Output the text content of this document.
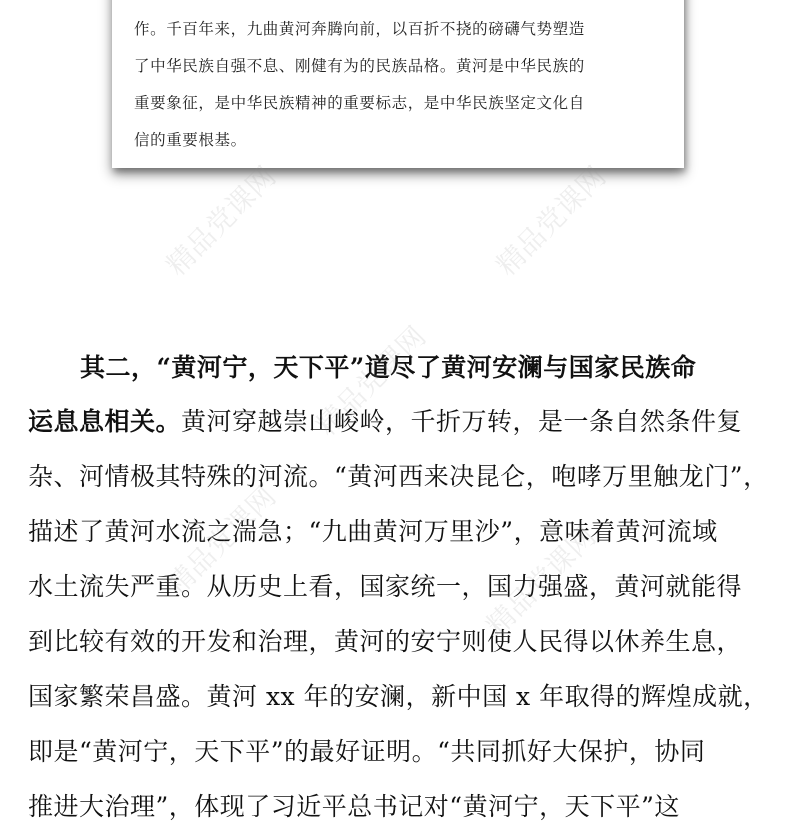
作。千百年来，九曲黄河奔腾向前，以百折不挠的磅礴气势塑造
了中华民族自强不息、刚健有为的民族品格。黄河是中华民族的
重要象征，是中华民族精神的重要标志，是中华民族坚定文化自
信的重要根基。
其二，“黄河宁，天下平”道尽了黄河安澜与国家民族命
运息息相关。黄河穿越崇山峻岭，千折万转，是一条自然条件复
杂、河情极其特殊的河流。“黄河西来决昆仑，咆哮万里触龙门”，
描述了黄河水流之湍急；“九曲黄河万里沙”，意味着黄河流域
水土流失严重。从历史上看，国家统一，国力强盛，黄河就能得
到比较有效的开发和治理，黄河的安宁则使人民得以休养生息，
国家繁荣昌盛。黄河 xx 年的安澜，新中国 x 年取得的辉煌成就，
即是“黄河宁，天下平”的最好证明。“共同抓好大保护，协同
推进大治理”，体现了习近平总书记对“黄河宁，天下平”这
精品党课网	精品党课网
精品党课网
精品党课网	精品党课网
